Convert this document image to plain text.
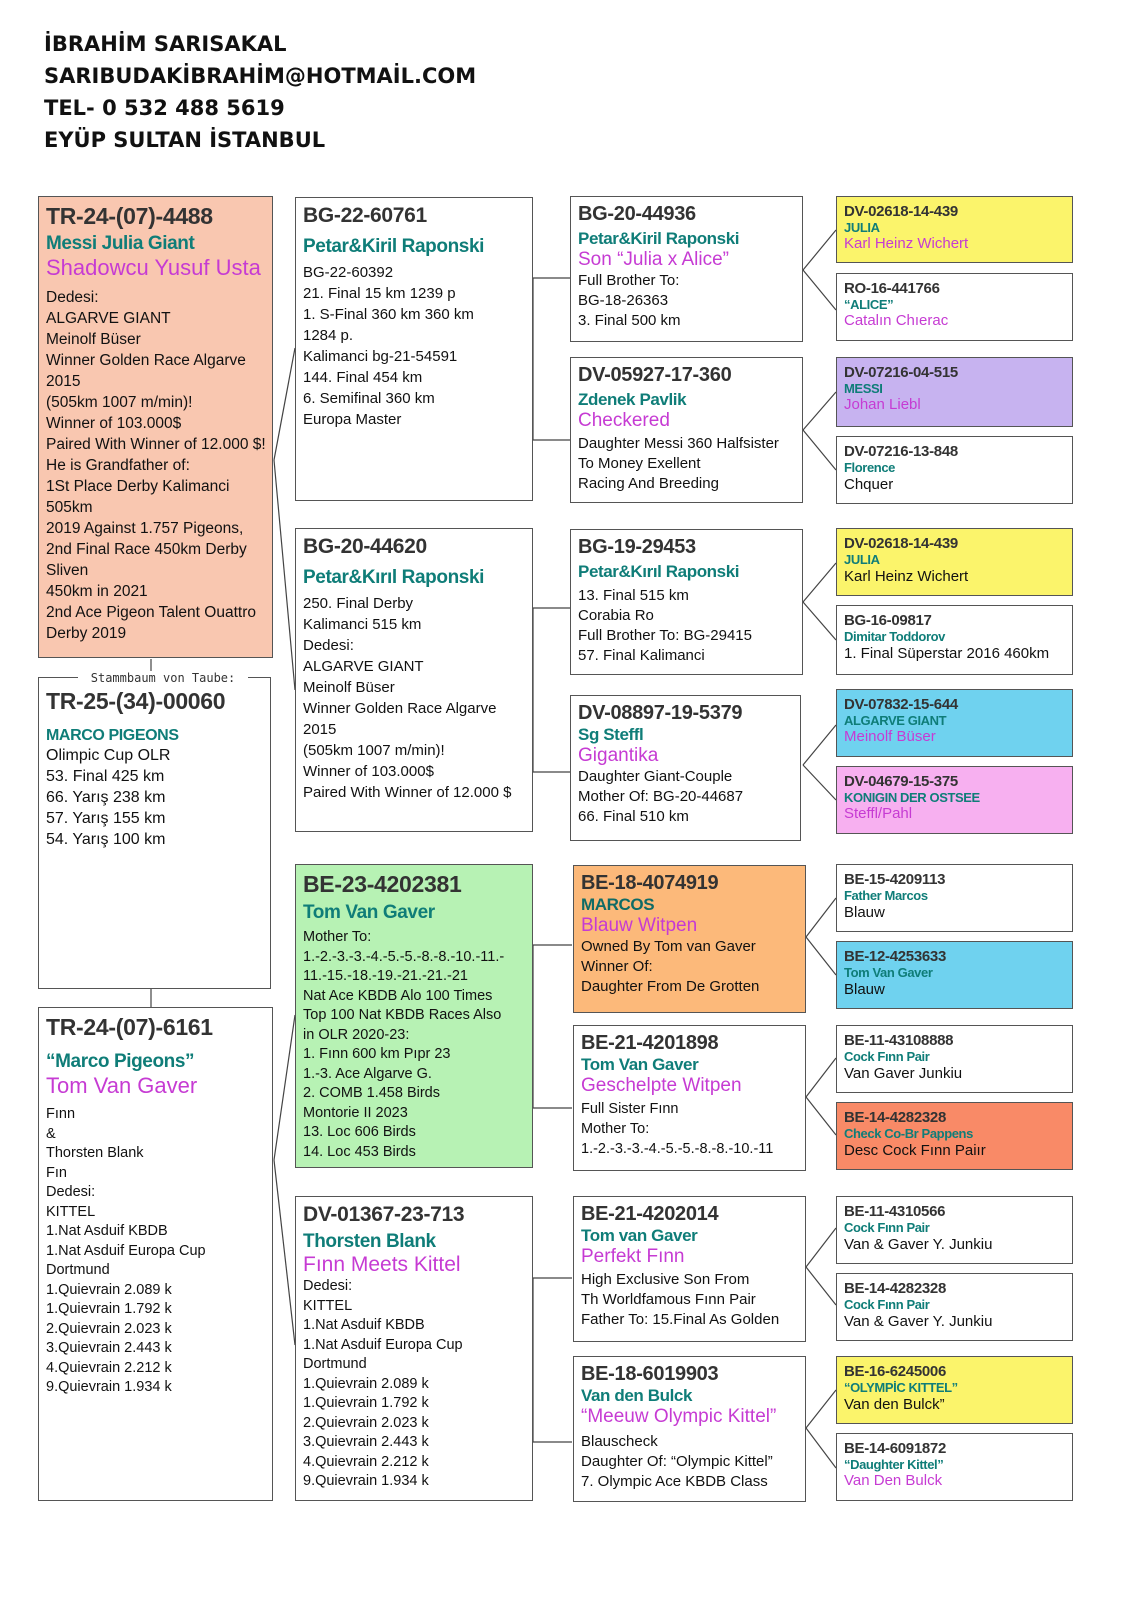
İBRAHİM SARISAKAL
SARIBUDAKİBRAHİM@HOTMAİL.COM
TEL- 0 532 488 5619
EYÜP SULTAN İSTANBUL
TR-24-(07)-4488
Messi Julia Giant
Shadowcu Yusuf Usta
Dedesi:
ALGARVE GIANT
Meinolf Büser
Winner Golden Race Algarve
2015
(505km 1007 m/min)!
Winner of 103.000$
Paired With Winner of 12.000 $!
He is Grandfather of:
1St Place Derby Kalimanci
505km
2019 Against 1.757 Pigeons,
2nd Final Race 450km Derby
Sliven
450km in 2021
2nd Ace Pigeon Talent Ouattro
Derby 2019
TR-25-(34)-00060
MARCO PIGEONS
Olimpic Cup OLR
53. Final 425 km
66. Yarış 238 km
57. Yarış 155 km
54. Yarış 100 km
Stammbaum von Taube:
TR-24-(07)-6161
“Marco Pigeons”
Tom Van Gaver
Fınn
&
Thorsten Blank
Fın
Dedesi:
KITTEL
1.Nat Asduif KBDB
1.Nat Asduif Europa Cup
Dortmund
1.Quievrain 2.089 k
1.Quievrain 1.792 k
2.Quievrain 2.023 k
3.Quievrain 2.443 k
4.Quievrain 2.212 k
9.Quievrain 1.934 k
BG-22-60761
Petar&Kiril Raponski
BG-22-60392
21. Final 15 km 1239 p
1. S-Final 360 km 360 km
1284 p.
Kalimanci bg-21-54591
144. Final 454 km
6. Semifinal 360 km
Europa Master
BG-20-44620
Petar&Kırıl Raponski
250. Final Derby
Kalimanci 515 km
Dedesi:
ALGARVE GIANT
Meinolf Büser
Winner Golden Race Algarve
2015
(505km 1007 m/min)!
Winner of 103.000$
Paired With Winner of 12.000 $
BE-23-4202381
Tom Van Gaver
Mother To:
1.-2.-3.-3.-4.-5.-5.-8.-8.-10.-11.-
11.-15.-18.-19.-21.-21.-21
Nat Ace KBDB Alo 100 Times
Top 100 Nat KBDB Races Also
in OLR 2020-23:
1. Fınn 600 km Pıpr 23
1.-3. Ace Algarve G.
2. COMB 1.458 Birds
Montorie II 2023
13. Loc 606 Birds
14. Loc 453 Birds
DV-01367-23-713
Thorsten Blank
Fınn Meets Kittel
Dedesi:
KITTEL
1.Nat Asduif KBDB
1.Nat Asduif Europa Cup
Dortmund
1.Quievrain 2.089 k
1.Quievrain 1.792 k
2.Quievrain 2.023 k
3.Quievrain 2.443 k
4.Quievrain 2.212 k
9.Quievrain 1.934 k
BG-20-44936
Petar&Kiril Raponski
Son “Julia x Alice”
Full Brother To:
BG-18-26363
3. Final 500 km
DV-05927-17-360
Zdenek Pavlik
Checkered
Daughter Messi 360 Halfsister
To Money Exellent
Racing And Breeding
BG-19-29453
Petar&Kırıl Raponski
13. Final 515 km
Corabia Ro
Full Brother To: BG-29415
57. Final Kalimanci
DV-08897-19-5379
Sg Steffl
Gigantika
Daughter Giant-Couple
Mother Of: BG-20-44687
66. Final 510 km
BE-18-4074919
MARCOS
Blauw Witpen
Owned By Tom van Gaver
Winner Of:
Daughter From De Grotten
BE-21-4201898
Tom Van Gaver
Geschelpte Witpen
Full Sister Fınn
Mother To:
1.-2.-3.-3.-4.-5.-5.-8.-8.-10.-11
BE-21-4202014
Tom van Gaver
Perfekt Fınn
High Exclusive Son From
Th Worldfamous Fınn Pair
Father To: 15.Final As Golden
BE-18-6019903
Van den Bulck
“Meeuw Olympic Kittel”
Blauscheck
Daughter Of: “Olympic Kittel”
7. Olympic Ace KBDB Class
DV-02618-14-439
JULIA
Karl Heinz Wichert
RO-16-441766
“ALICE”
Catalın Chıerac
DV-07216-04-515
MESSI
Johan Liebl
DV-07216-13-848
Florence
Chquer
DV-02618-14-439
JULIA
Karl Heinz Wichert
BG-16-09817
Dimitar Toddorov
1. Final Süperstar 2016 460km
DV-07832-15-644
ALGARVE GIANT
Meinolf Büser
DV-04679-15-375
KONIGIN DER OSTSEE
Steffl/Pahl
BE-15-4209113
Father Marcos
Blauw
BE-12-4253633
Tom Van Gaver
Blauw
BE-11-43108888
Cock Fınn Pair
Van Gaver Junkiu
BE-14-4282328
Check Co-Br Pappens
Desc Cock Fınn Paiır
BE-11-4310566
Cock Fınn Pair
Van & Gaver Y. Junkiu
BE-14-4282328
Cock Fınn Pair
Van & Gaver Y. Junkiu
BE-16-6245006
“OLYMPİC KITTEL”
Van den Bulck”
BE-14-6091872
“Daughter Kittel”
Van Den Bulck
